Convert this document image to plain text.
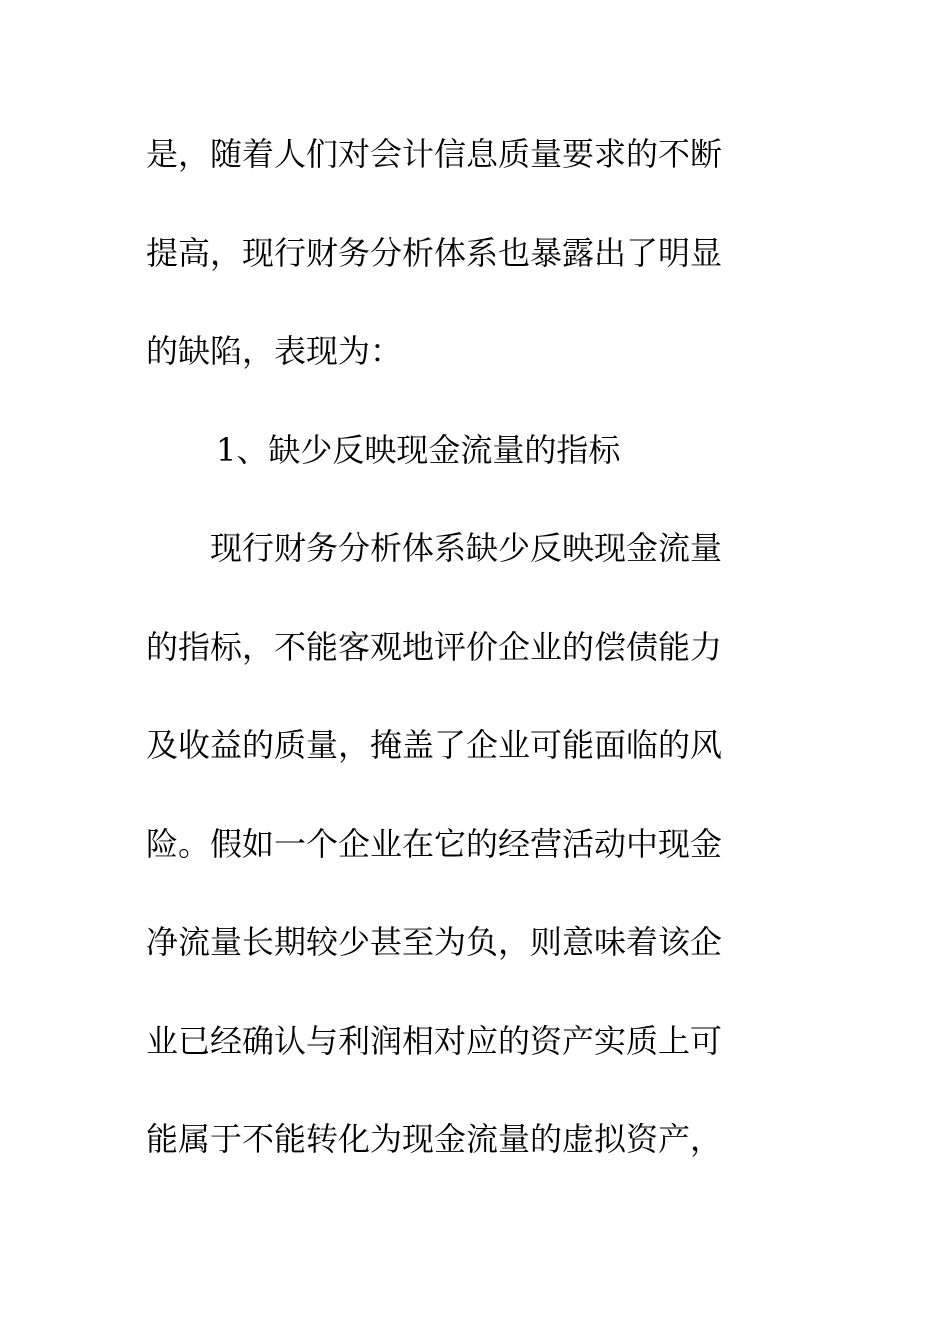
是，随着人们对会计信息质量要求的不断
提高，现行财务分析体系也暴露出了明显
的缺陷，表现为：
1、缺少反映现金流量的指标
现行财务分析体系缺少反映现金流量
的指标，不能客观地评价企业的偿债能力
及收益的质量，掩盖了企业可能面临的风
险。假如一个企业在它的经营活动中现金
净流量长期较少甚至为负，则意味着该企
业已经确认与利润相对应的资产实质上可
能属于不能转化为现金流量的虚拟资产，
